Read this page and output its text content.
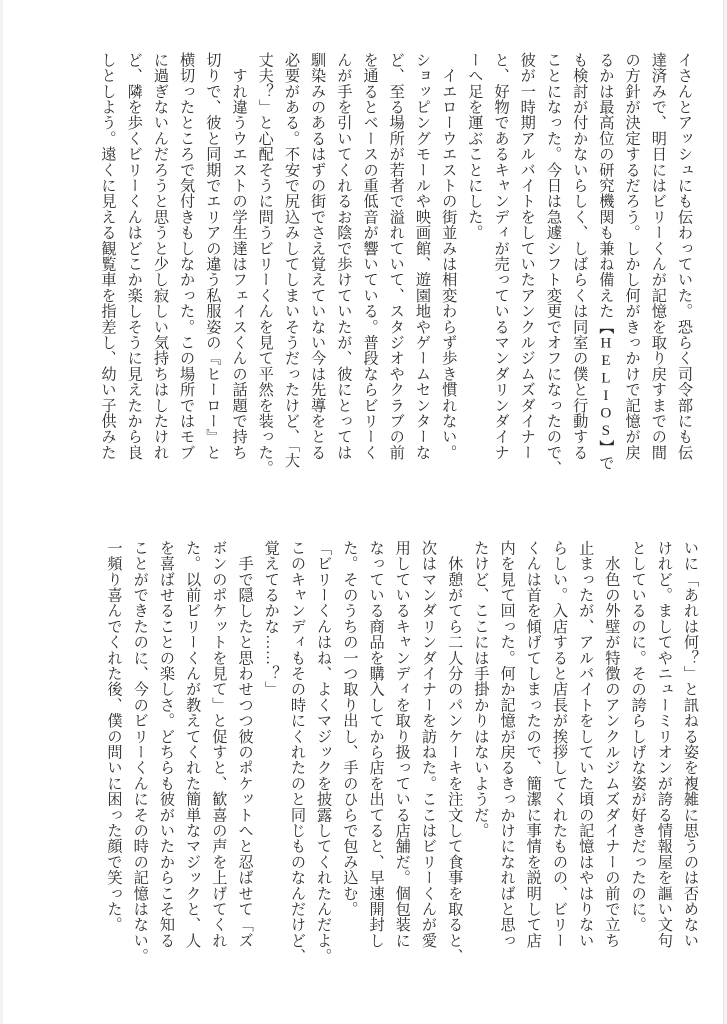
イさんとアッシュにも伝わっていた。恐らく司令部にも伝
達済みで、明日にはビリーくんが記憶を取り戻すまでの間
の方針が決定するだろう。しかし何がきっかけで記憶が戻
るかは最高位の研究機関も兼ね備えた【HELIOS】で
も検討が付かないらしく、しばらくは同室の僕と行動する
ことになった。今日は急遽シフト変更でオフになったので、
彼が一時期アルバイトをしていたアンクルジムズダイナー
と、好物であるキャンディが売っているマンダリンダイナ
ーへ足を運ぶことにした。
　イエローウエストの街並みは相変わらず歩き慣れない。
ショッピングモールや映画館、遊園地やゲームセンターな
ど、至る場所が若者で溢れていて、スタジオやクラブの前
を通るとベースの重低音が響いている。普段ならビリーく
んが手を引いてくれるお陰で歩けていたが、彼にとっては
馴染みのあるはずの街でさえ覚えていない今は先導をとる
必要がある。不安で尻込みしてしまいそうだったけど、「大
丈夫？」と心配そうに問うビリーくんを見て平然を装った。
　すれ違うウエストの学生達はフェイスくんの話題で持ち
切りで、彼と同期でエリアの違う私服姿の『ヒーロー』と
横切ったところで気付きもしなかった。この場所ではモブ
に過ぎないんだろうと思うと少し寂しい気持ちはしたけれ
ど、隣を歩くビリーくんはどこか楽しそうに見えたから良
しとしよう。遠くに見える観覧車を指差し、幼い子供みた
いに「あれは何？」と訊ねる姿を複雑に思うのは否めない
けれど。ましてやニューミリオンが誇る情報屋を謳い文句
としているのに。その誇らしげな姿が好きだったのに。
　水色の外壁が特徴のアンクルジムズダイナーの前で立ち
止まったが、アルバイトをしていた頃の記憶はやはりない
らしい。入店すると店長が挨拶してくれたものの、ビリー
くんは首を傾げてしまったので、簡潔に事情を説明して店
内を見て回った。何か記憶が戻るきっかけになればと思っ
たけど、ここには手掛かりはないようだ。
　休憩がてら二人分のパンケーキを注文して食事を取ると、
次はマンダリンダイナーを訪ねた。ここはビリーくんが愛
用しているキャンディを取り扱っている店舗だ。個包装に
なっている商品を購入してから店を出てると、早速開封し
た。そのうちの一つ取り出し、手のひらで包み込む。
「ビリーくんはね、よくマジックを披露してくれたんだよ。
このキャンディもその時にくれたのと同じものなんだけど、
覚えてるかな……？」
　手で隠したと思わせつつ彼のポケットへと忍ばせて「ズ
ボンのポケットを見て」と促すと、歓喜の声を上げてくれ
た。以前ビリーくんが教えてくれた簡単なマジックと、人
を喜ばせることの楽しさ。どちらも彼がいたからこそ知る
ことができたのに、今のビリーくんにその時の記憶はない。
一頻り喜んでくれた後、僕の問いに困った顔で笑った。
